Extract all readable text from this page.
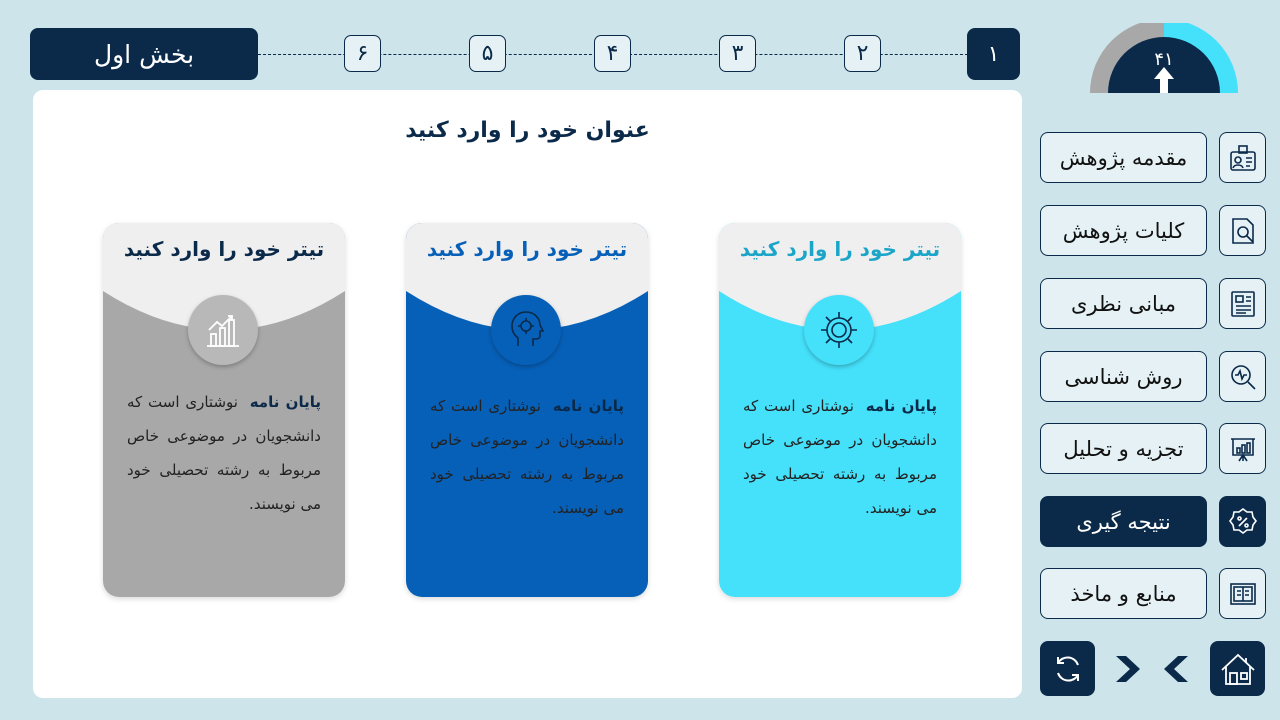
بخش اول	۶	۵	۴	۳	۲	۱	۴۱
عنوان خود را وارد کنید
تیتر خود را وارد کنید
پایان نامه  نوشتاری است که دانشجویان در موضوعی خاص مربوط به رشته تحصیلی خود می نویسند.
تیتر خود را وارد کنید
پایان نامه  نوشتاری است که دانشجویان در موضوعی خاص مربوط به رشته تحصیلی خود می نویسند.
تیتر خود را وارد کنید
پایان نامه  نوشتاری است که دانشجویان در موضوعی خاص مربوط به رشته تحصیلی خود می نویسند.
مقدمه پژوهش
کلیات پژوهش
مبانی نظری
روش شناسی
تجزیه و تحلیل
نتیجه گیری
منابع و ماخذ
